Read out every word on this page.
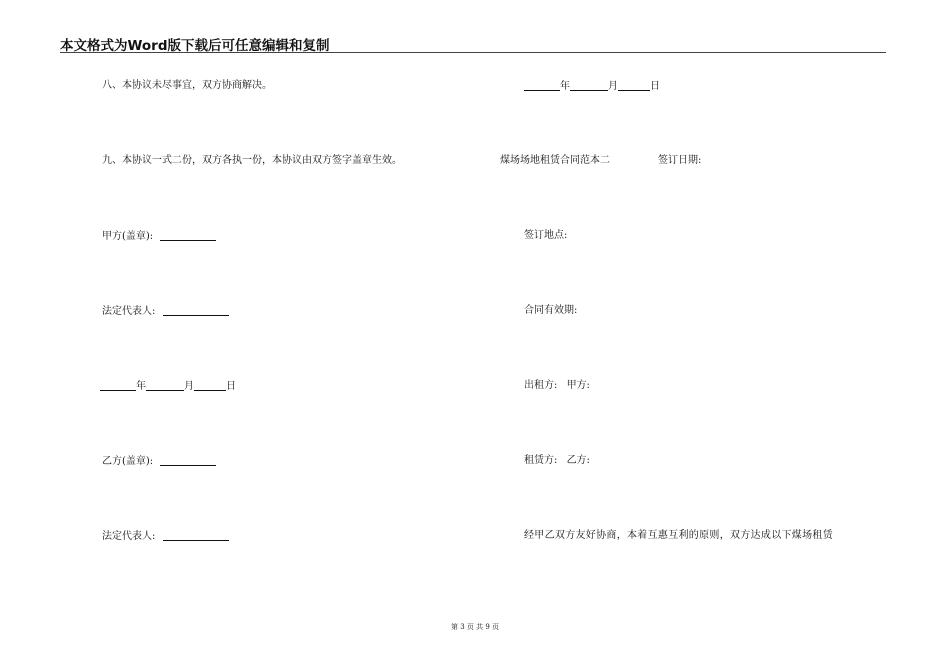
本文格式为Word版下载后可任意编辑和复制
八、本协议未尽事宜，双方协商解决。
九、本协议一式二份，双方各执一份，本协议由双方签字盖章生效。
甲方(盖章):
法定代表人:
年	月	日
乙方(盖章):
法定代表人:
年	月	日
煤场场地租赁合同范本二	签订日期:
签订地点:
合同有效期:
出租方: 甲方:
租赁方: 乙方:
经甲乙双方友好协商，本着互惠互利的原则，双方达成以下煤场租赁
第 3 页 共 9 页
